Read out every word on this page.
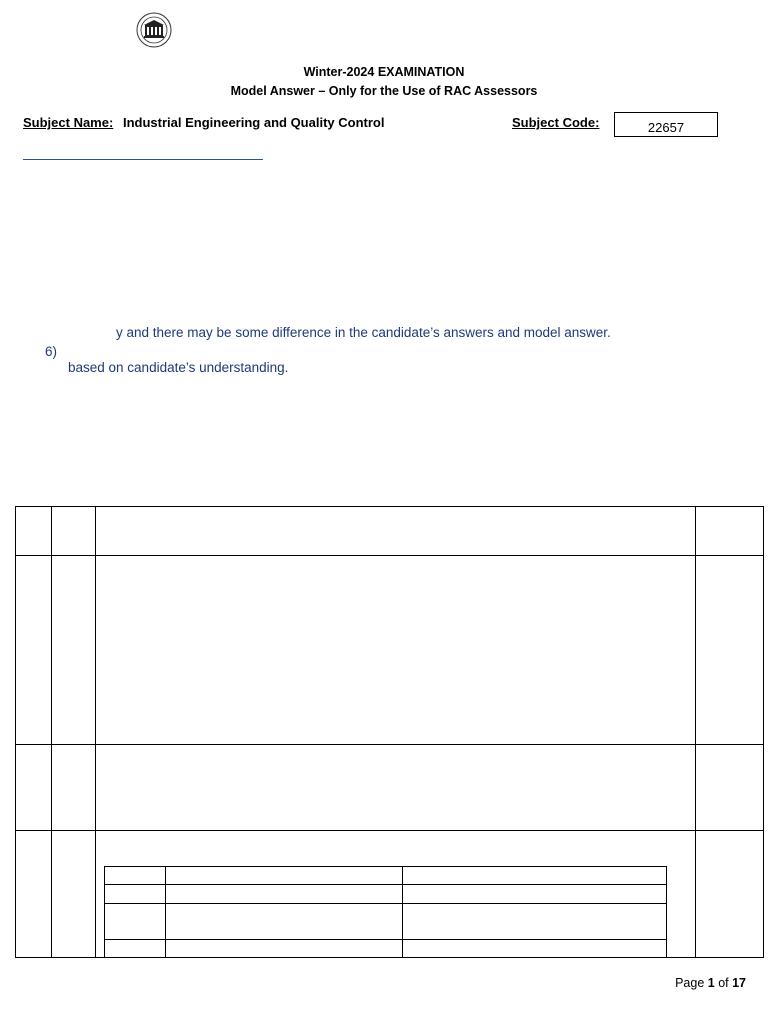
Winter-2024 EXAMINATION
Model Answer – Only for the Use of RAC Assessors
Subject Name: Industrial Engineering and Quality Control	Subject Code:	22657
y and there may be some difference in the candidate’s answers and model answer.
6)
based on candidate’s understanding.
Page 1 of 17
